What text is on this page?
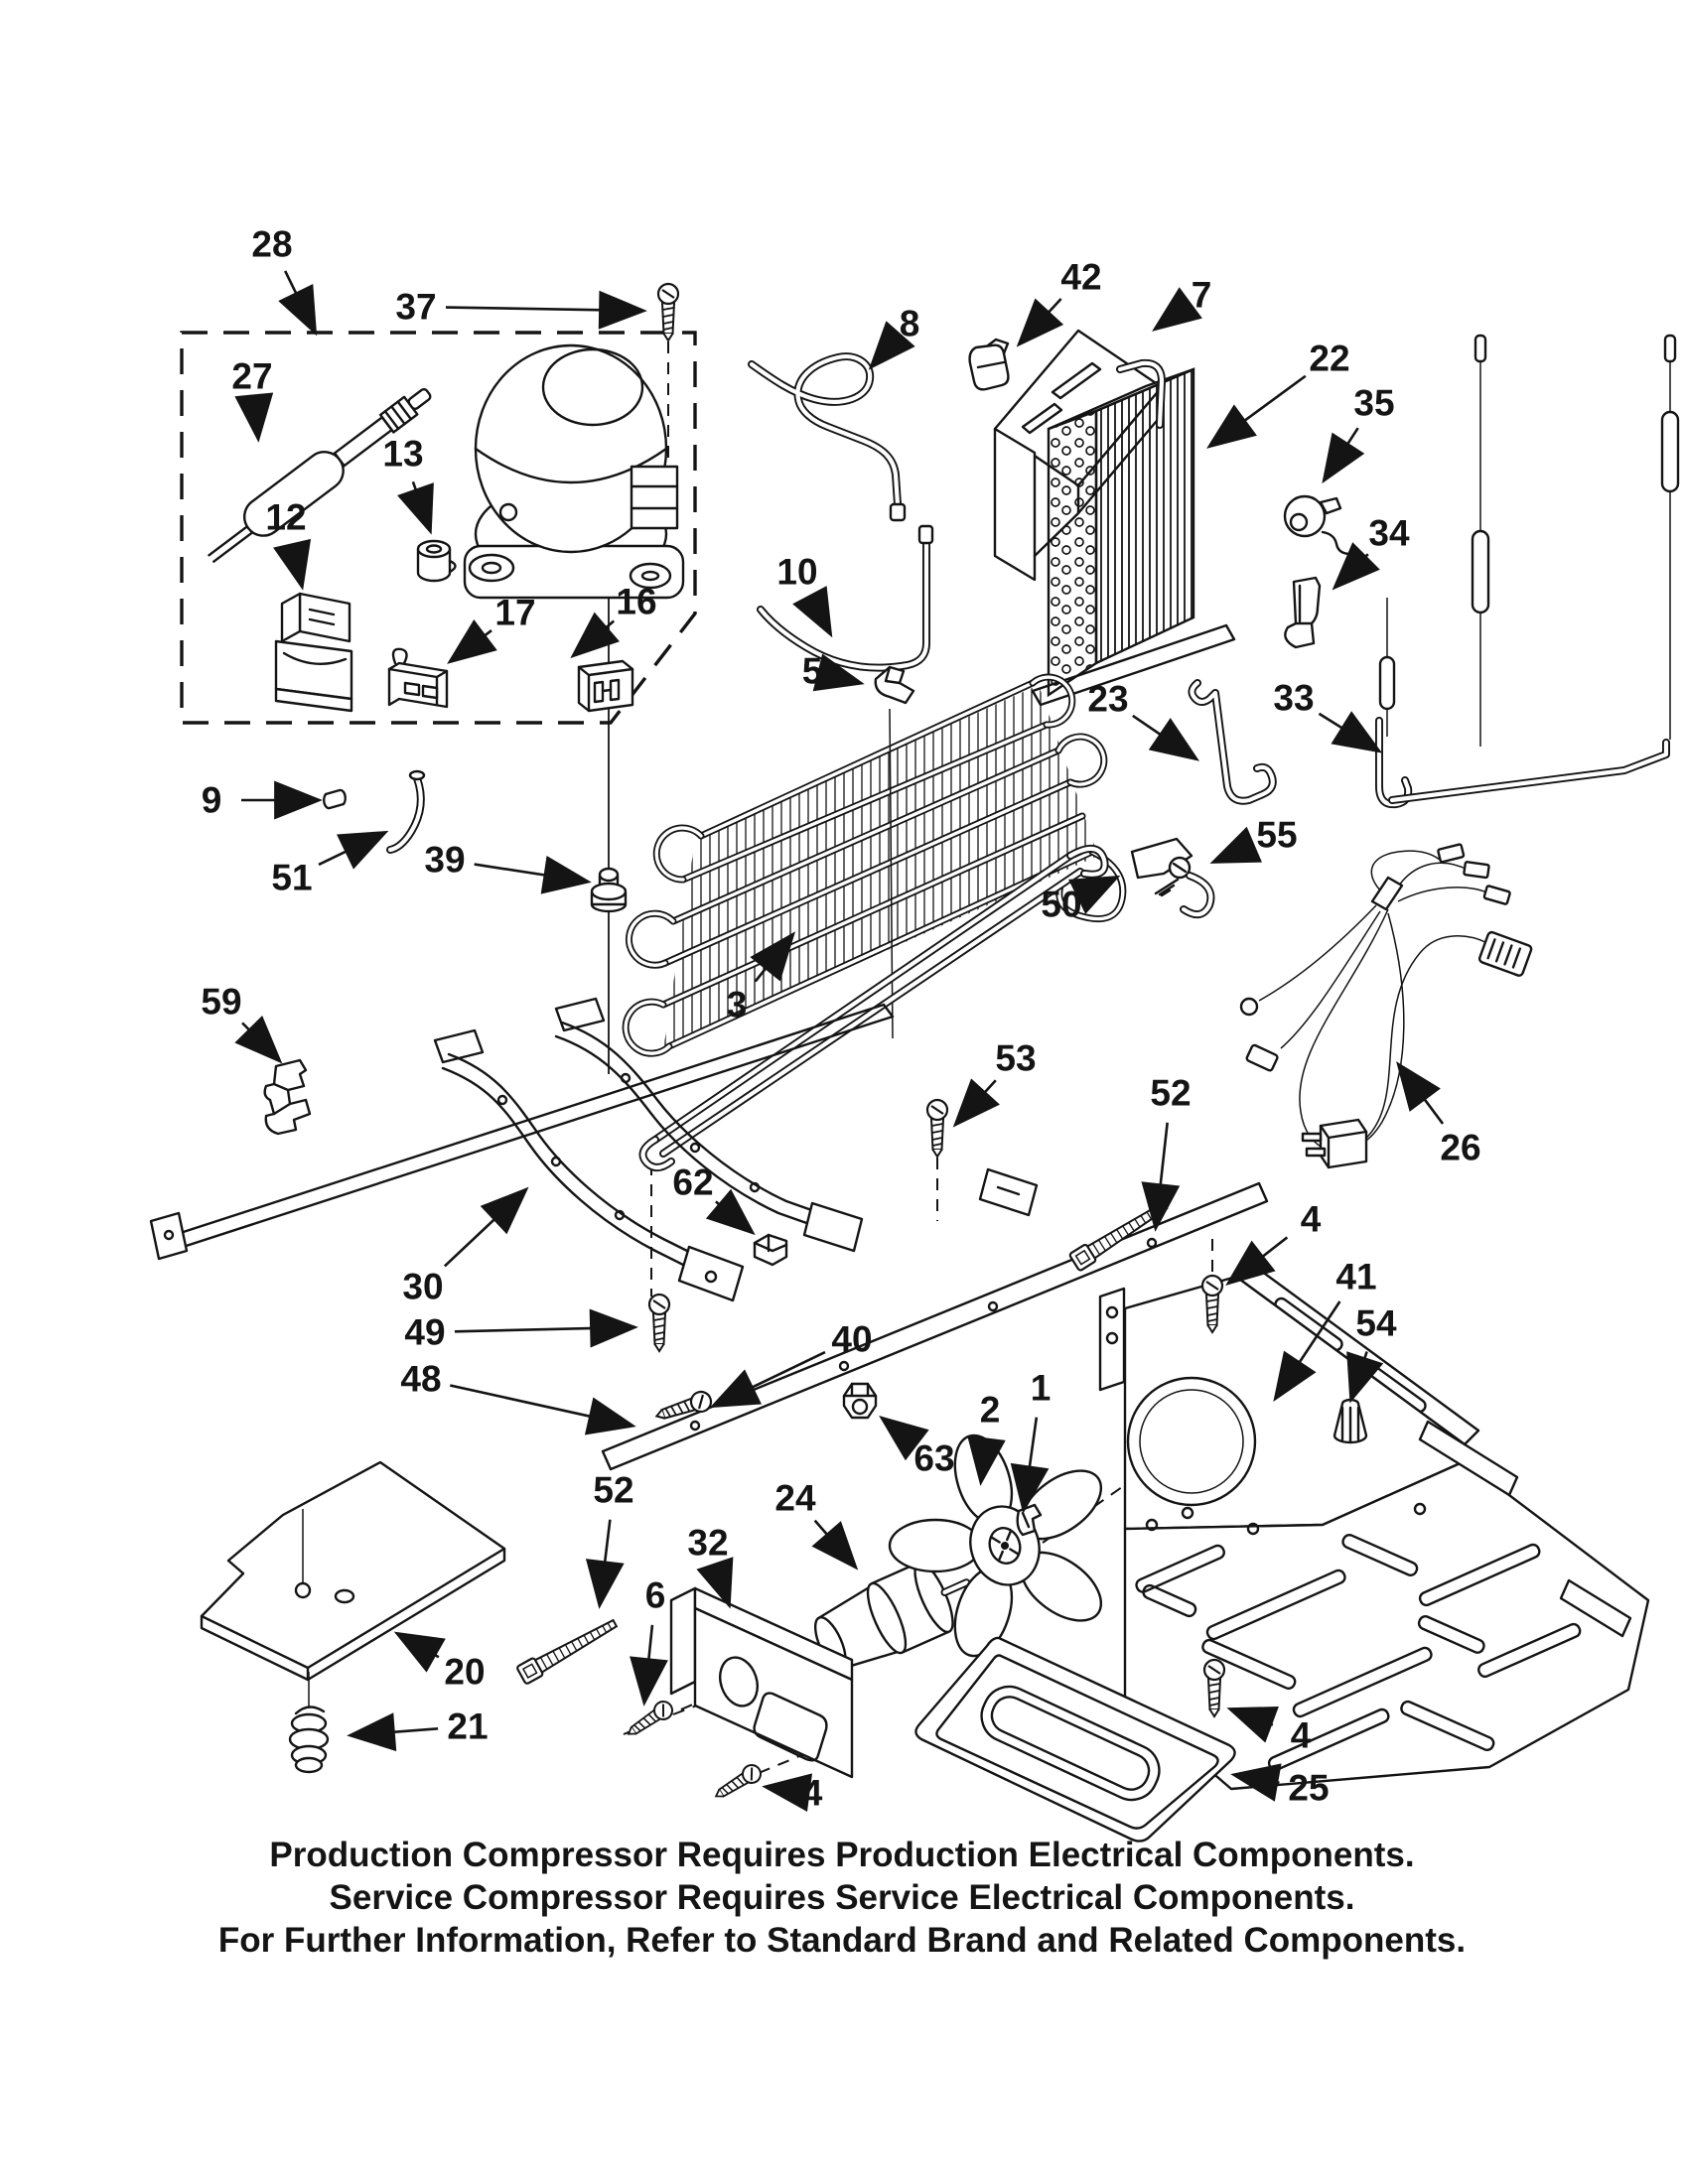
28
37
27
12
13
17 16
8
42 7
22
35
34
33
10
5
23
55
50
9
51	39
3
26
59
53
52
62
4
30
49
48
40
41
54
63
2
1
24
32
52
6
20
21
4
4
25
Production Compressor Requires Production Electrical Components.
Service Compressor Requires Service Electrical Components.
For Further Information, Refer to Standard Brand and Related Components.
